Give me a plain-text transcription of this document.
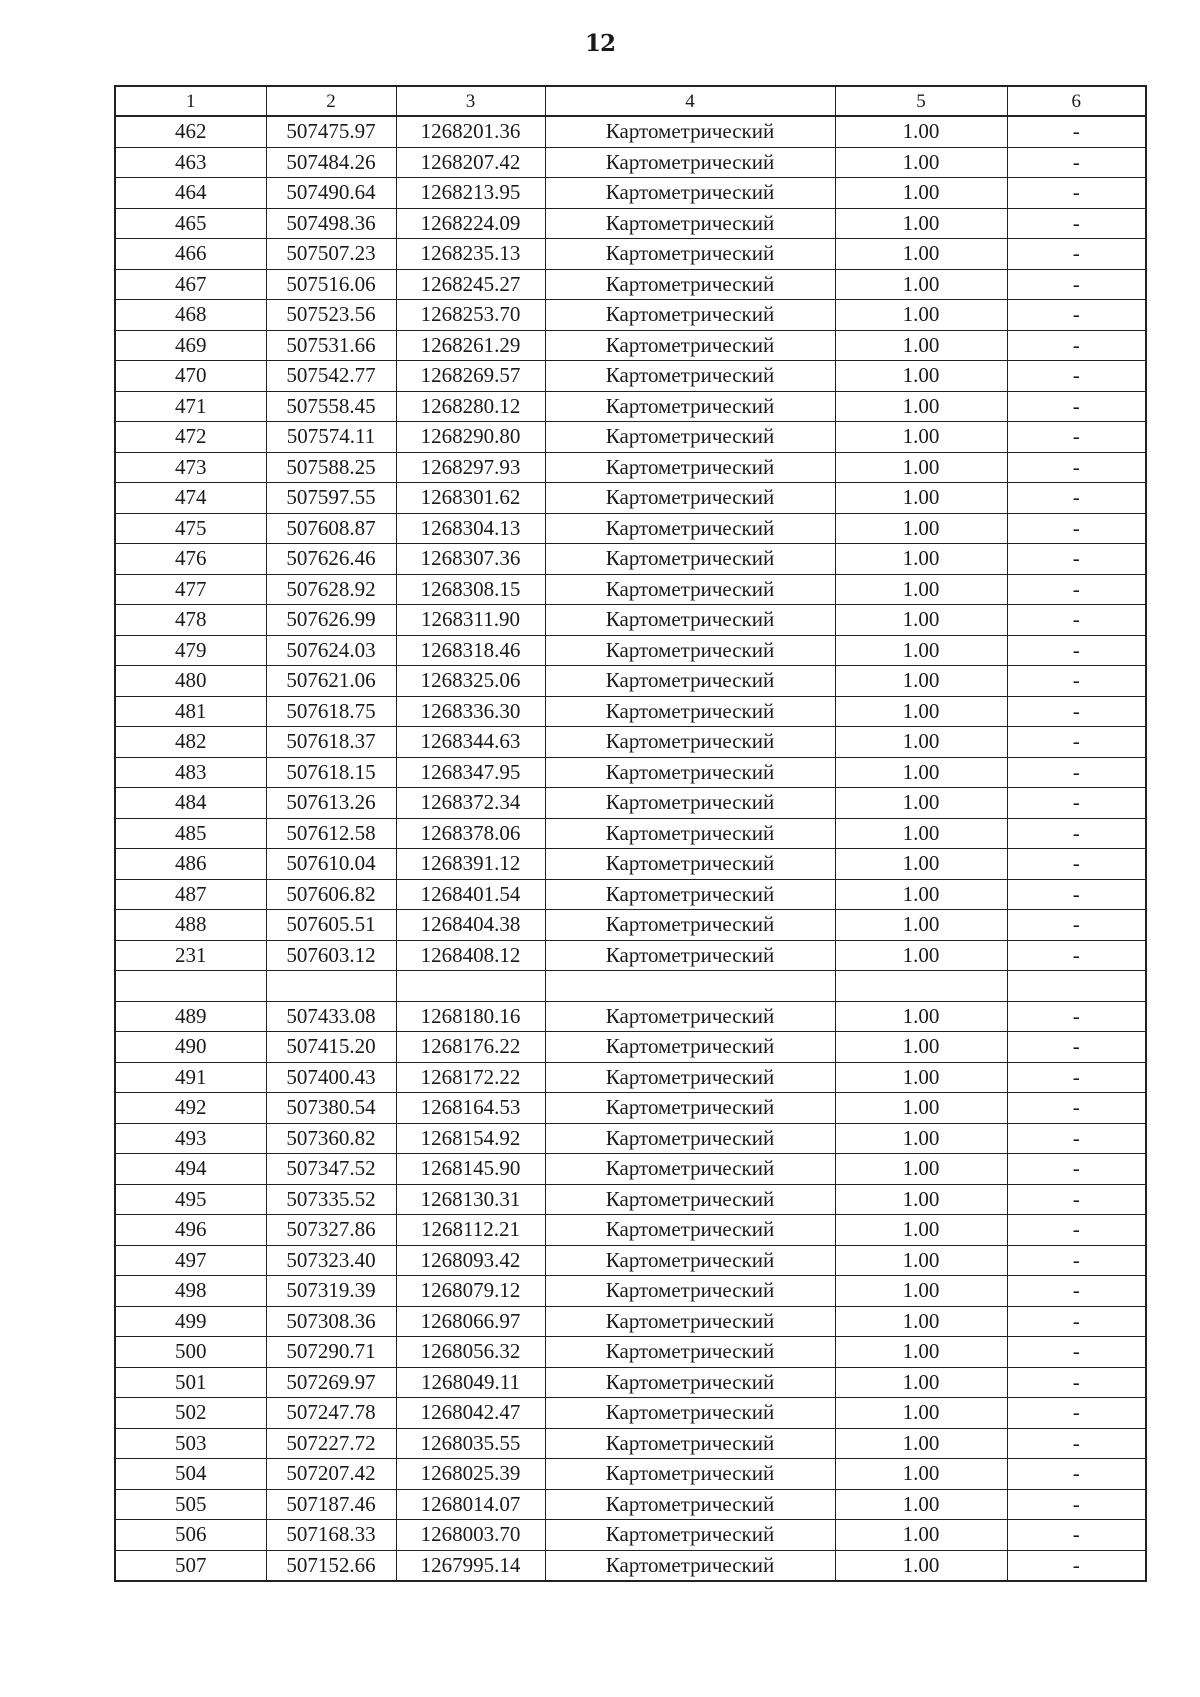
12
1	2	3	4	5	6
462	507475.97	1268201.36	Картометрический	1.00	-
463	507484.26	1268207.42	Картометрический	1.00	-
464	507490.64	1268213.95	Картометрический	1.00	-
465	507498.36	1268224.09	Картометрический	1.00	-
466	507507.23	1268235.13	Картометрический	1.00	-
467	507516.06	1268245.27	Картометрический	1.00	-
468	507523.56	1268253.70	Картометрический	1.00	-
469	507531.66	1268261.29	Картометрический	1.00	-
470	507542.77	1268269.57	Картометрический	1.00	-
471	507558.45	1268280.12	Картометрический	1.00	-
472	507574.11	1268290.80	Картометрический	1.00	-
473	507588.25	1268297.93	Картометрический	1.00	-
474	507597.55	1268301.62	Картометрический	1.00	-
475	507608.87	1268304.13	Картометрический	1.00	-
476	507626.46	1268307.36	Картометрический	1.00	-
477	507628.92	1268308.15	Картометрический	1.00	-
478	507626.99	1268311.90	Картометрический	1.00	-
479	507624.03	1268318.46	Картометрический	1.00	-
480	507621.06	1268325.06	Картометрический	1.00	-
481	507618.75	1268336.30	Картометрический	1.00	-
482	507618.37	1268344.63	Картометрический	1.00	-
483	507618.15	1268347.95	Картометрический	1.00	-
484	507613.26	1268372.34	Картометрический	1.00	-
485	507612.58	1268378.06	Картометрический	1.00	-
486	507610.04	1268391.12	Картометрический	1.00	-
487	507606.82	1268401.54	Картометрический	1.00	-
488	507605.51	1268404.38	Картометрический	1.00	-
231	507603.12	1268408.12	Картометрический	1.00	-

489	507433.08	1268180.16	Картометрический	1.00	-
490	507415.20	1268176.22	Картометрический	1.00	-
491	507400.43	1268172.22	Картометрический	1.00	-
492	507380.54	1268164.53	Картометрический	1.00	-
493	507360.82	1268154.92	Картометрический	1.00	-
494	507347.52	1268145.90	Картометрический	1.00	-
495	507335.52	1268130.31	Картометрический	1.00	-
496	507327.86	1268112.21	Картометрический	1.00	-
497	507323.40	1268093.42	Картометрический	1.00	-
498	507319.39	1268079.12	Картометрический	1.00	-
499	507308.36	1268066.97	Картометрический	1.00	-
500	507290.71	1268056.32	Картометрический	1.00	-
501	507269.97	1268049.11	Картометрический	1.00	-
502	507247.78	1268042.47	Картометрический	1.00	-
503	507227.72	1268035.55	Картометрический	1.00	-
504	507207.42	1268025.39	Картометрический	1.00	-
505	507187.46	1268014.07	Картометрический	1.00	-
506	507168.33	1268003.70	Картометрический	1.00	-
507	507152.66	1267995.14	Картометрический	1.00	-
